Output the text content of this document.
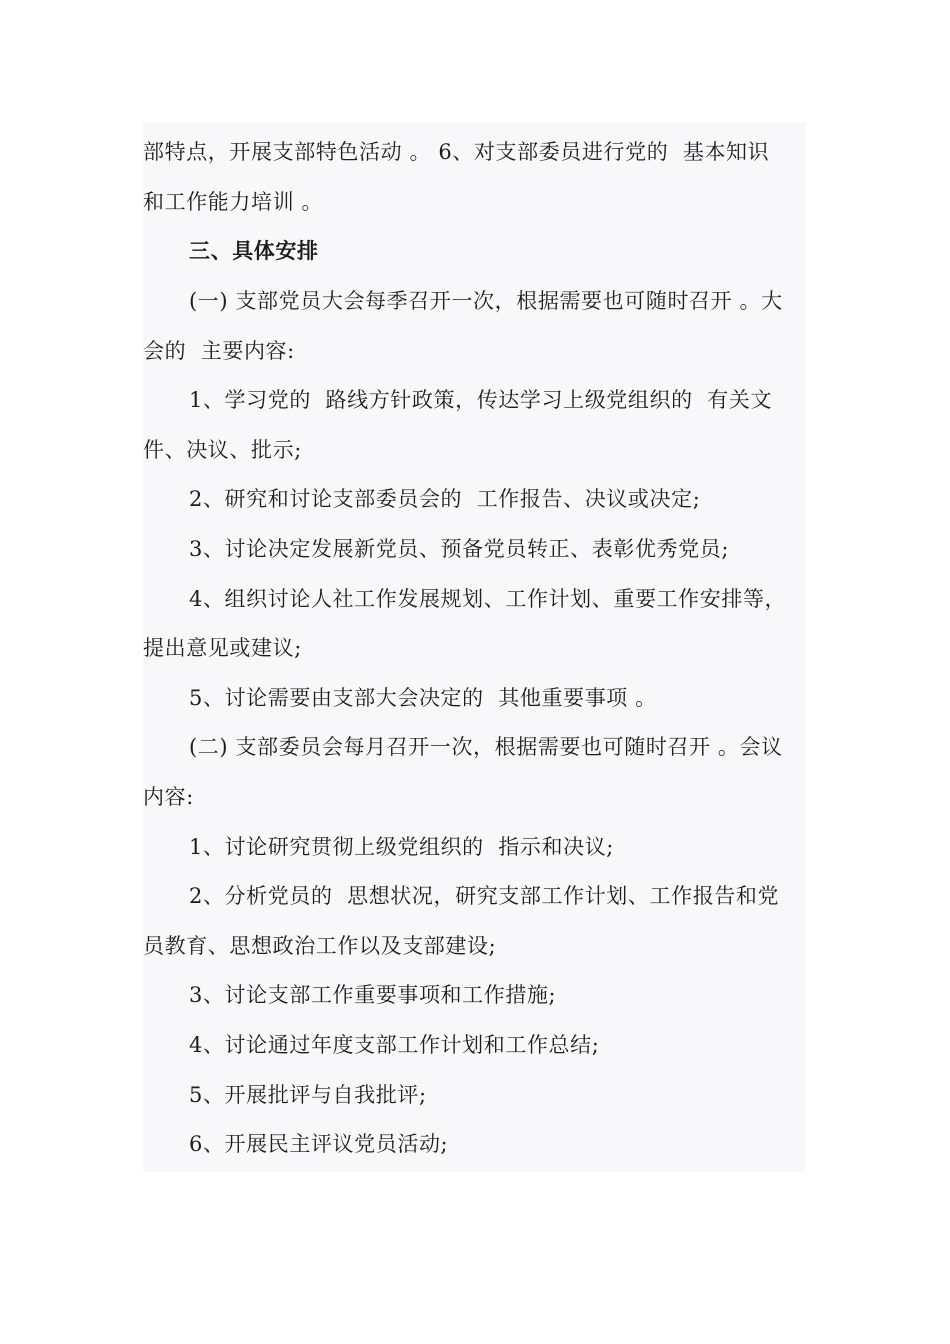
部特点，开展支部特色活动 。 6、对支部委员进行党的  基本知识
和工作能力培训 。
三、具体安排
(一) 支部党员大会每季召开一次，根据需要也可随时召开 。大
会的  主要内容:
1、学习党的  路线方针政策，传达学习上级党组织的  有关文
件、决议、批示;
2、研究和讨论支部委员会的  工作报告、决议或决定;
3、讨论决定发展新党员、预备党员转正、表彰优秀党员;
4、组织讨论人社工作发展规划、工作计划、重要工作安排等，
提出意见或建议;
5、讨论需要由支部大会决定的  其他重要事项 。
(二) 支部委员会每月召开一次，根据需要也可随时召开 。会议
内容:
1、讨论研究贯彻上级党组织的  指示和决议;
2、分析党员的  思想状况，研究支部工作计划、工作报告和党
员教育、思想政治工作以及支部建设;
3、讨论支部工作重要事项和工作措施;
4、讨论通过年度支部工作计划和工作总结;
5、开展批评与自我批评;
6、开展民主评议党员活动;
